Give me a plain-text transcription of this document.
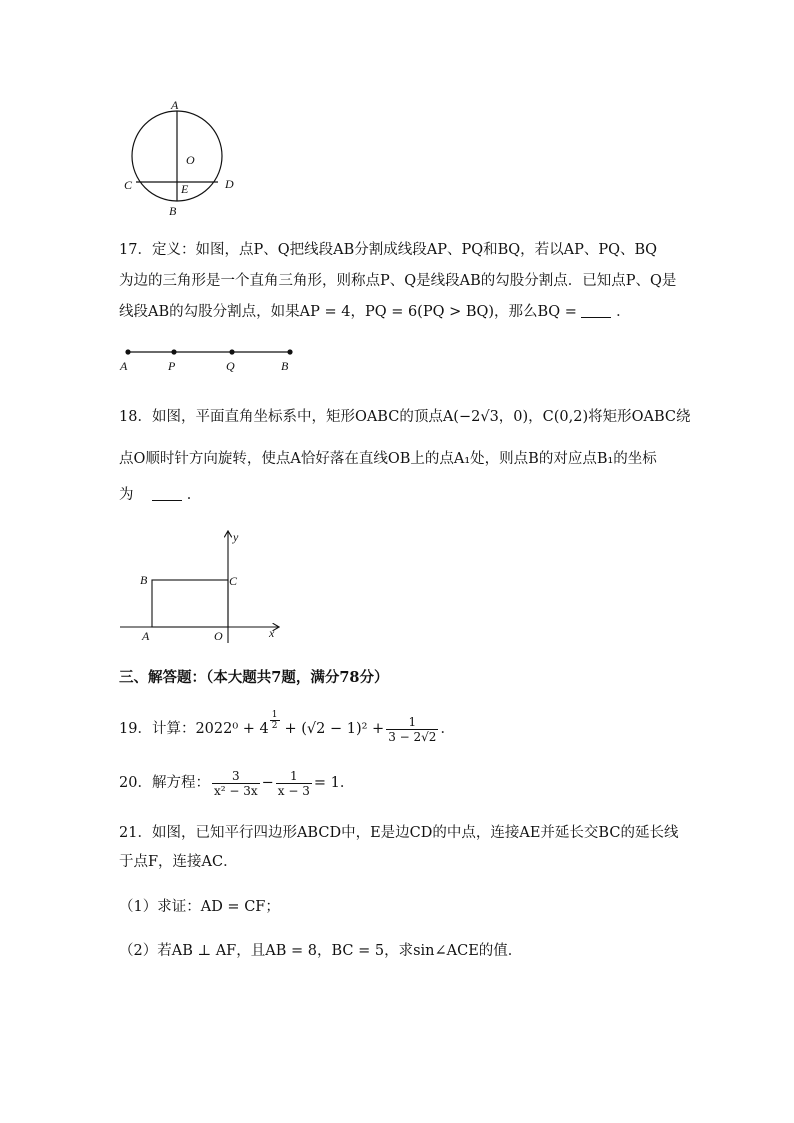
A
O
C	E	D
B
17．定义：如图，点P、Q把线段AB分割成线段AP、PQ和BQ，若以AP、PQ、BQ
为边的三角形是一个直角三角形，则称点P、Q是线段AB的勾股分割点．已知点P、Q是
线段AB的勾股分割点，如果AP = 4，PQ = 6(PQ > BQ)，那么BQ =	．
A	P	Q	B
18．如图，平面直角坐标系中，矩形OABC的顶点A(−2√3，0)，C(0,2)将矩形OABC绕
点O顺时针方向旋转，使点A恰好落在直线OB上的点A₁处，则点B的对应点B₁的坐标
为	．
y
B	C
A	O	x
三、解答题：（本大题共7题，满分78分）
19．计算： $2022^0 + 4 \frac{1}{2} + (√2 - 1)^2 + \frac{1}{3 - 2√2}$ ．
20．解方程： $\frac{3}{\text{x² − 3x}} - \frac{1}{x - 3} = 1$．
21．如图，已知平行四边形ABCD中，E是边CD的中点，连接AE并延长交BC的延长线
于点F，连接AC．
（1）求证：AD = CF；
（2）若AB ⊥ AF，且AB = 8，BC = 5，求sin∠ACE的值．
